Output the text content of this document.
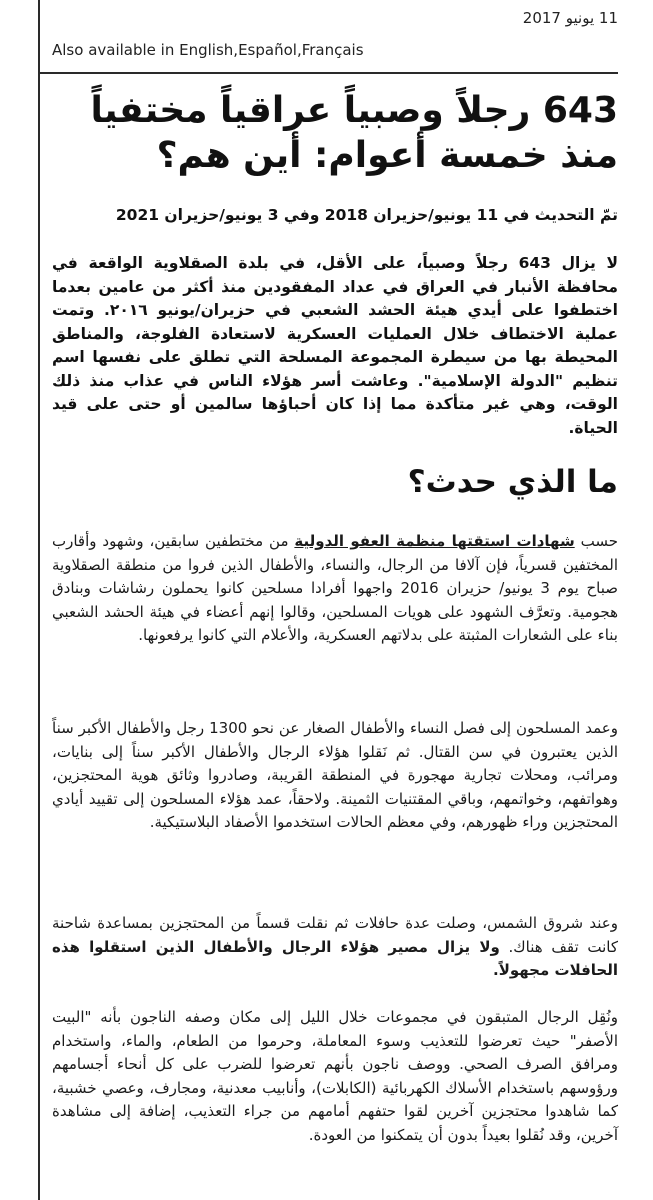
11 يونيو 2017
Also available in English,Español,Français
643 رجلاً وصبياً عراقياً مختفياً منذ خمسة أعوام: أين هم؟
تمّ التحديث في 11 يونيو/حزيران 2018 وفي 3 يونيو/حزيران 2021

لا يزال 643 رجلاً وصبياً، على الأقل، في بلدة الصقلاوية الواقعة في محافظة الأنبار في العراق في عداد المفقودين منذ أكثر من عامين بعدما اختطفوا على أيدي هيئة الحشد الشعبي في حزيران/يونيو ٢٠١٦. وتمت عملية الاختطاف خلال العمليات العسكرية لاستعادة الفلوجة، والمناطق المحيطة بها من سيطرة المجموعة المسلحة التي تطلق على نفسها اسم تنظيم "الدولة الإسلامية". وعاشت أسر هؤلاء الناس في عذاب منذ ذلك الوقت، وهي غير متأكدة مما إذا كان أحباؤها سالمين أو حتى على قيد الحياة.

ما الذي حدث؟

حسب شهادات استقتها منظمة العفو الدولية من مختطفين سابقين، وشهود وأقارب المختفين قسرياً، فإن آلافا من الرجال، والنساء، والأطفال الذين فروا من منطقة الصقلاوية صباح يوم 3 يونيو/ حزيران 2016 واجهوا أفرادا مسلحين كانوا يحملون رشاشات وبنادق هجومية. وتعرَّف الشهود على هويات المسلحين، وقالوا إنهم أعضاء في هيئة الحشد الشعبي بناء على الشعارات المثبتة على بدلاتهم العسكرية، والأعلام التي كانوا يرفعونها.

وعمد المسلحون إلى فصل النساء والأطفال الصغار عن نحو 1300 رجل والأطفال الأكبر سناً الذين يعتبرون في سن القتال. ثم نَقلوا هؤلاء الرجال والأطفال الأكبر سناً إلى بنايات، ومرائب، ومحلات تجارية مهجورة في المنطقة القريبة، وصادروا وثائق هوية المحتجزين، وهواتفهم، وخواتمهم، وباقي المقتنيات الثمينة. ولاحقاً، عمد هؤلاء المسلحون إلى تقييد أيادي المحتجزين وراء ظهورهم، وفي معظم الحالات استخدموا الأصفاد البلاستيكية.

وعند شروق الشمس، وصلت عدة حافلات ثم نقلت قسماً من المحتجزين بمساعدة شاحنة كانت تقف هناك. ولا يزال مصير هؤلاء الرجال والأطفال الذين استقلوا هذه الحافلات مجهولاً.

ونُقِل الرجال المتبقون في مجموعات خلال الليل إلى مكان وصفه الناجون بأنه "البيت الأصفر" حيث تعرضوا للتعذيب وسوء المعاملة، وحرموا من الطعام، والماء، واستخدام ومرافق الصرف الصحي. ووصف ناجون بأنهم تعرضوا للضرب على كل أنحاء أجسامهم ورؤوسهم باستخدام الأسلاك الكهربائية (الكابلات)، وأنابيب معدنية، ومجارف، وعصي خشبية، كما شاهدوا محتجزين آخرين لقوا حتفهم أمامهم من جراء التعذيب، إضافة إلى مشاهدة آخرين، وقد نُقلوا بعيداً بدون أن يتمكنوا من العودة.
